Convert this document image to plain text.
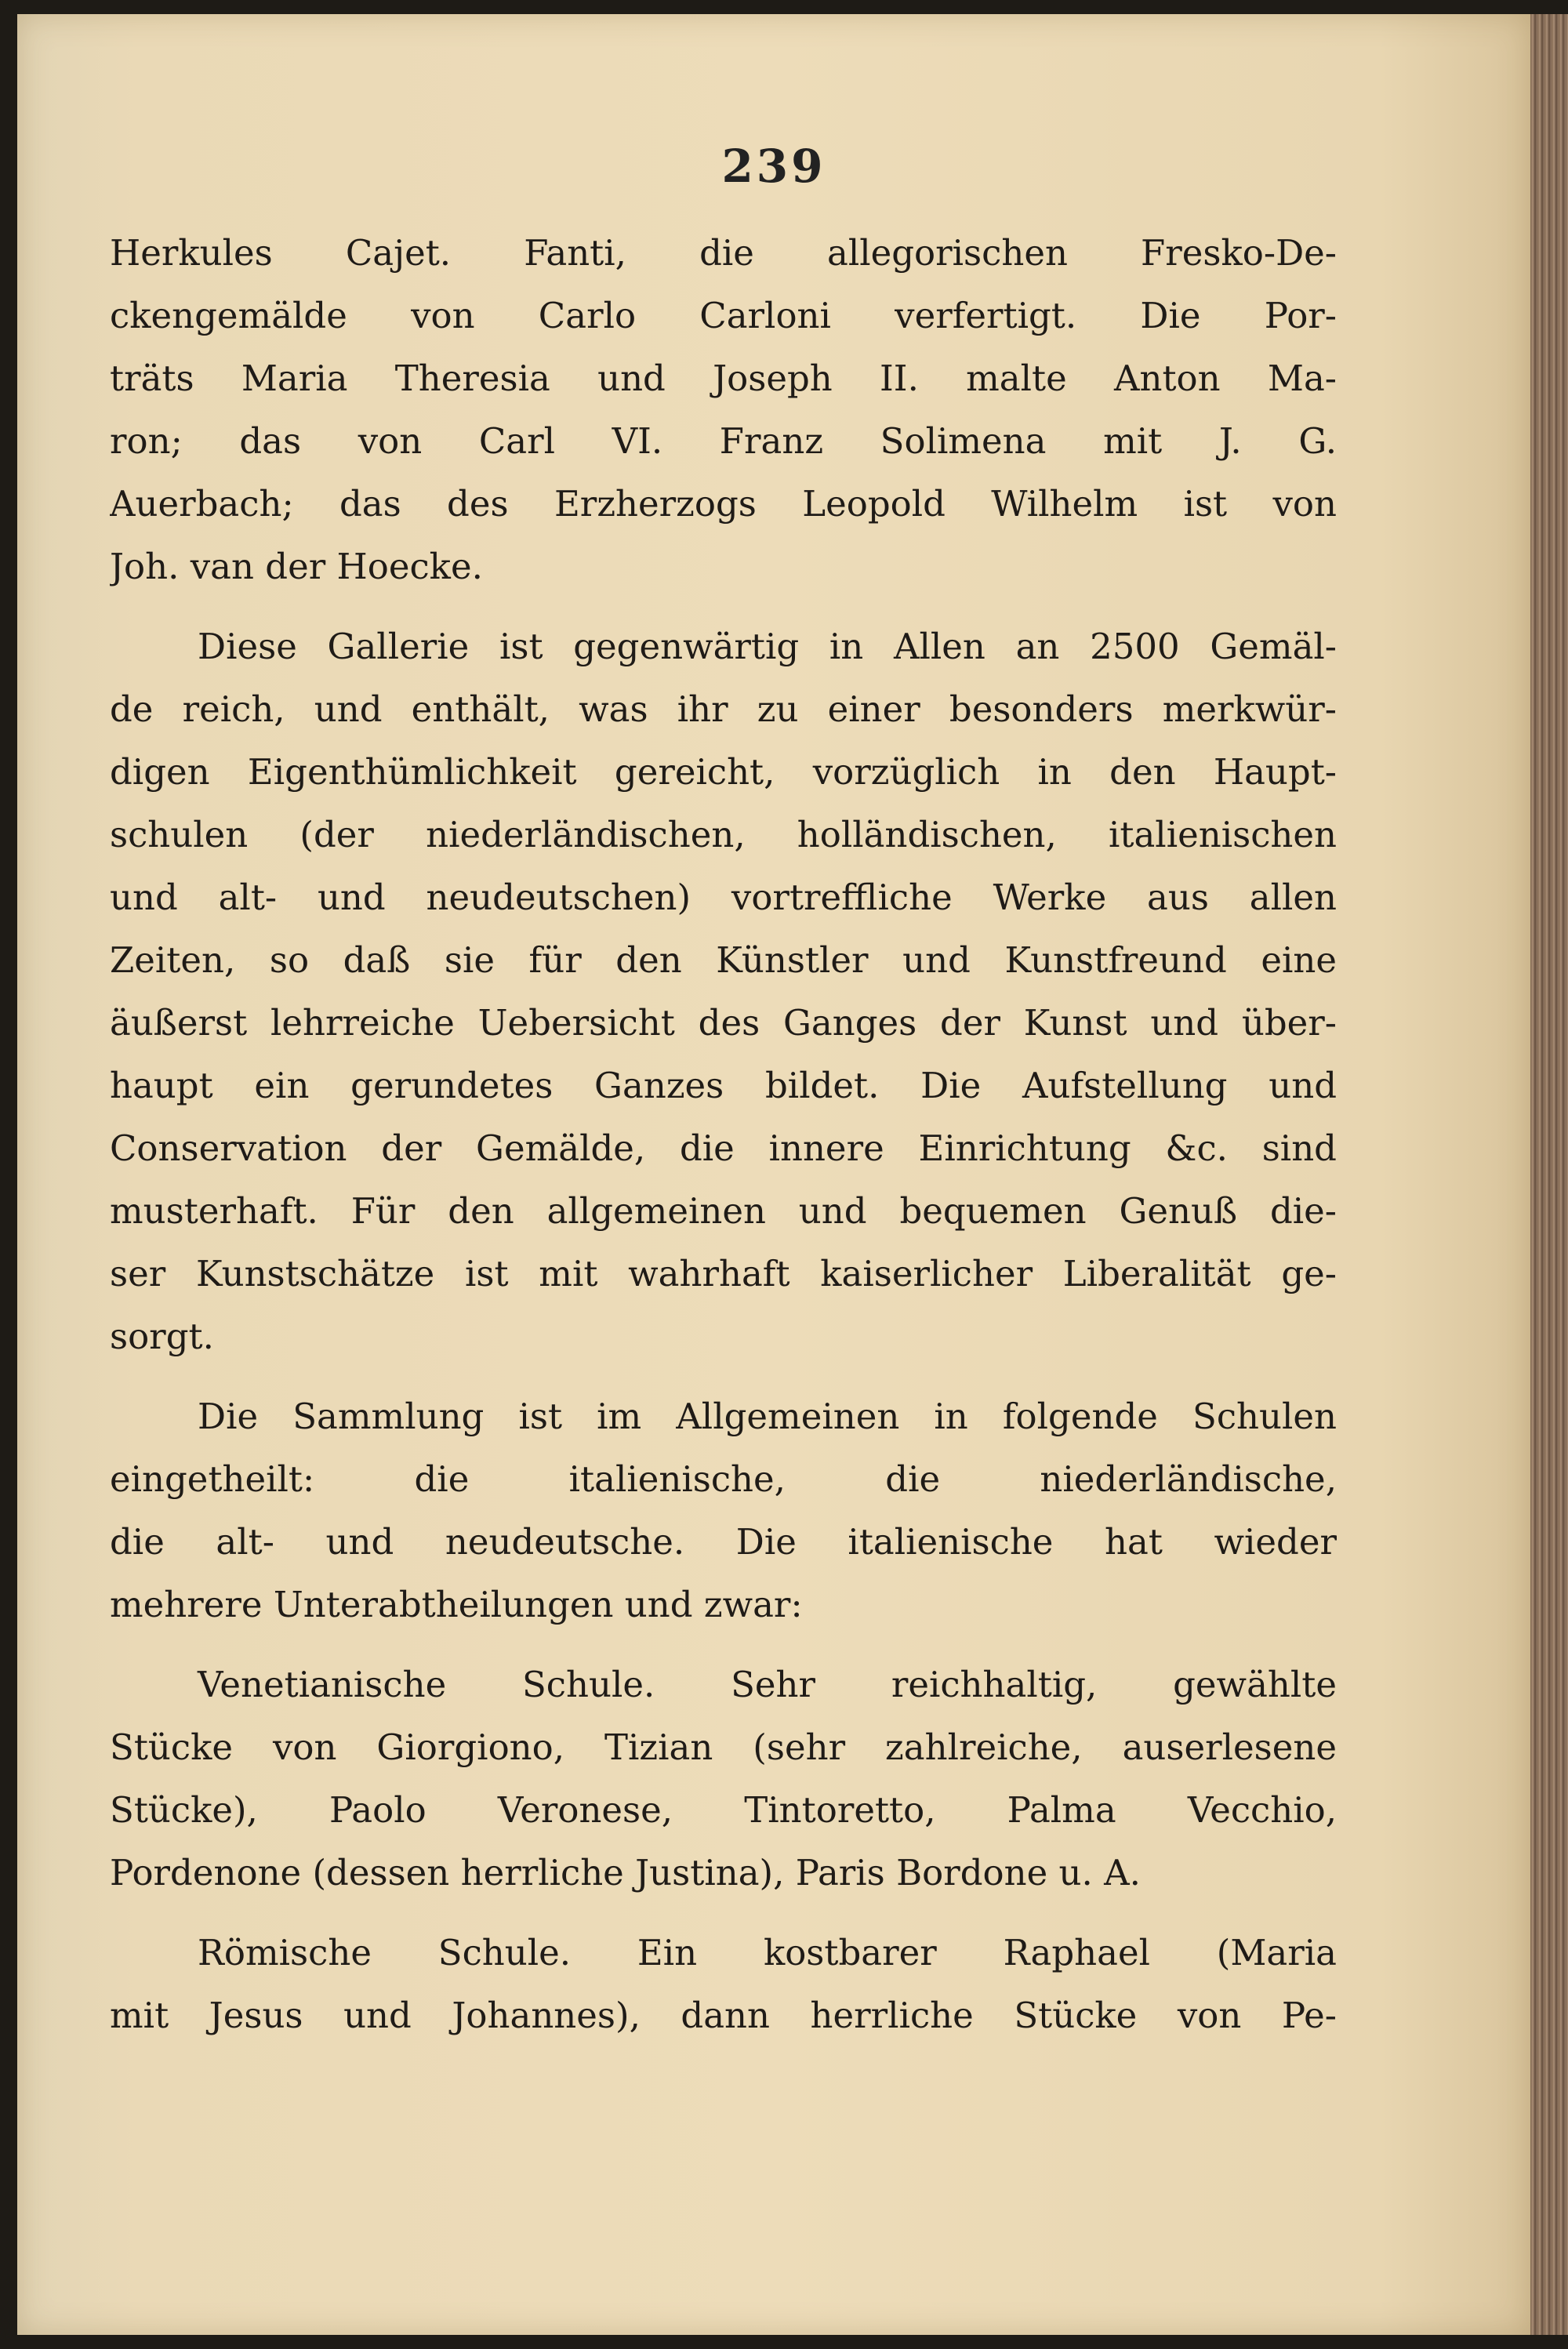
239
Herkules Cajet. Fanti, die allegorischen Fresko-De-
ckengemälde von Carlo Carloni verfertigt. Die Por-
träts Maria Theresia und Joseph II. malte Anton Ma-
ron; das von Carl VI. Franz Solimena mit J. G.
Auerbach; das des Erzherzogs Leopold Wilhelm ist von
Joh. van der Hoecke.
Diese Gallerie ist gegenwärtig in Allen an 2500 Gemäl-
de reich, und enthält, was ihr zu einer besonders merkwür-
digen Eigenthümlichkeit gereicht, vorzüglich in den Haupt-
schulen (der niederländischen, holländischen, italienischen
und alt- und neudeutschen) vortreffliche Werke aus allen
Zeiten, so daß sie für den Künstler und Kunstfreund eine
äußerst lehrreiche Uebersicht des Ganges der Kunst und über-
haupt ein gerundetes Ganzes bildet. Die Aufstellung und
Conservation der Gemälde, die innere Einrichtung &c. sind
musterhaft. Für den allgemeinen und bequemen Genuß die-
ser Kunstschätze ist mit wahrhaft kaiserlicher Liberalität ge-
sorgt.
Die Sammlung ist im Allgemeinen in folgende Schulen
eingetheilt: die italienische, die niederländische,
die alt- und neudeutsche. Die italienische hat wieder
mehrere Unterabtheilungen und zwar:
Venetianische Schule. Sehr reichhaltig, gewählte
Stücke von Giorgiono, Tizian (sehr zahlreiche, auserlesene
Stücke), Paolo Veronese, Tintoretto, Palma Vecchio,
Pordenone (dessen herrliche Justina), Paris Bordone u. A.
Römische Schule. Ein kostbarer Raphael (Maria
mit Jesus und Johannes), dann herrliche Stücke von Pe-
